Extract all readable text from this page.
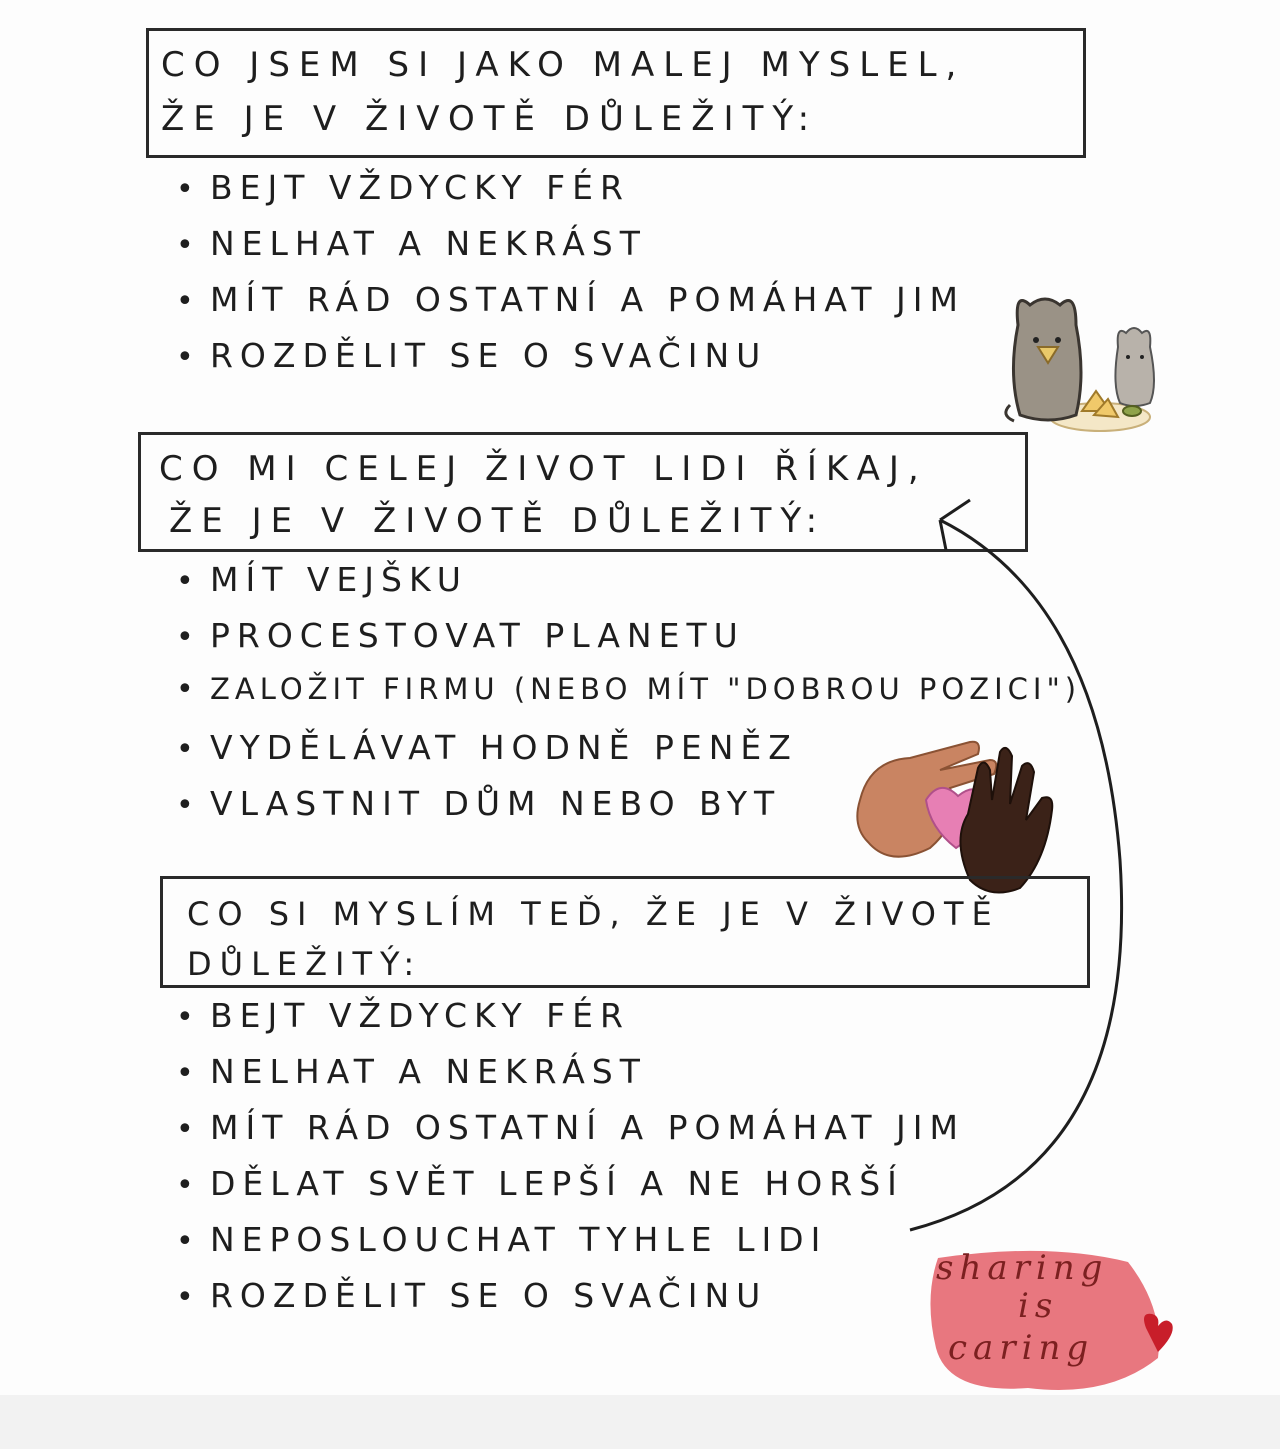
CO JSEM SI JAKO MALEJ MYSLEL,
ŽE JE V ŽIVOTĚ DŮLEŽITÝ:
• BEJT VŽDYCKY FÉR
• NELHAT A NEKRÁST
• MÍT RÁD OSTATNÍ A POMÁHAT JIM
• ROZDĚLIT SE O SVAČINU
CO MI CELEJ ŽIVOT LIDI ŘÍKAJ,
ŽE JE V ŽIVOTĚ DŮLEŽITÝ:
• MÍT VEJŠKU
• PROCESTOVAT PLANETU
• ZALOŽIT FIRMU (NEBO MÍT "DOBROU POZICI")
• VYDĚLÁVAT HODNĚ PENĚZ
• VLASTNIT DŮM NEBO BYT
CO SI MYSLÍM TEĎ, ŽE JE V ŽIVOTĚ
DŮLEŽITÝ:
• BEJT VŽDYCKY FÉR
• NELHAT A NEKRÁST
• MÍT RÁD OSTATNÍ A POMÁHAT JIM
• DĚLAT SVĚT LEPŠÍ A NE HORŠÍ
• NEPOSLOUCHAT TYHLE LIDI
• ROZDĚLIT SE O SVAČINU
sharing
is
caring
